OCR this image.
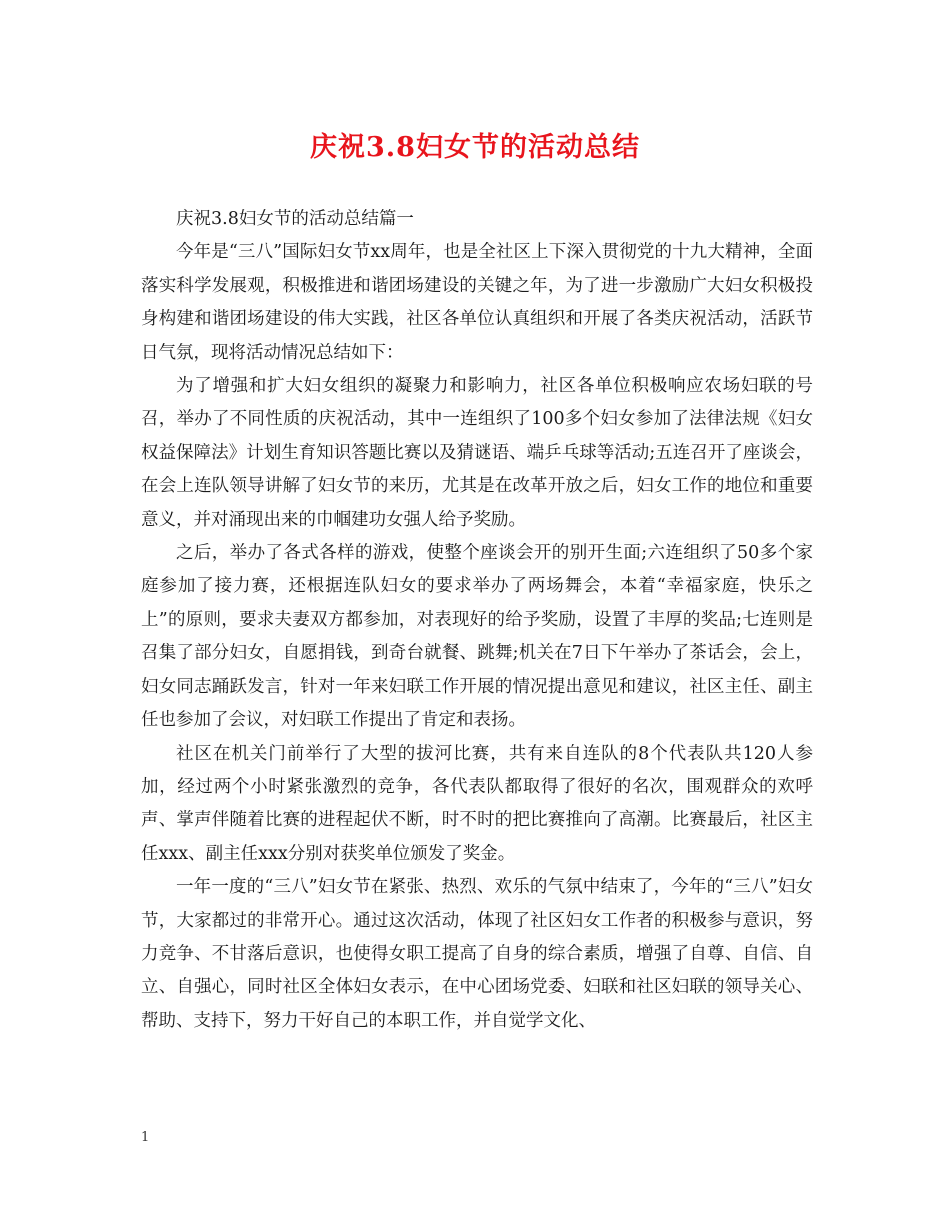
庆祝3.8妇女节的活动总结

庆祝3.8妇女节的活动总结篇一

今年是“三八”国际妇女节xx周年，也是全社区上下深入贯彻党的十九大精神，全面落实科学发展观，积极推进和谐团场建设的关键之年，为了进一步激励广大妇女积极投身构建和谐团场建设的伟大实践，社区各单位认真组织和开展了各类庆祝活动，活跃节日气氛，现将活动情况总结如下：

为了增强和扩大妇女组织的凝聚力和影响力，社区各单位积极响应农场妇联的号召，举办了不同性质的庆祝活动，其中一连组织了100多个妇女参加了法律法规《妇女权益保障法》计划生育知识答题比赛以及猜谜语、端乒乓球等活动;五连召开了座谈会，在会上连队领导讲解了妇女节的来历，尤其是在改革开放之后，妇女工作的地位和重要意义，并对涌现出来的巾帼建功女强人给予奖励。

之后，举办了各式各样的游戏，使整个座谈会开的别开生面;六连组织了50多个家庭参加了接力赛，还根据连队妇女的要求举办了两场舞会，本着“幸福家庭，快乐之上”的原则，要求夫妻双方都参加，对表现好的给予奖励，设置了丰厚的奖品;七连则是召集了部分妇女，自愿捐钱，到奇台就餐、跳舞;机关在7日下午举办了茶话会，会上，妇女同志踊跃发言，针对一年来妇联工作开展的情况提出意见和建议，社区主任、副主任也参加了会议，对妇联工作提出了肯定和表扬。

社区在机关门前举行了大型的拔河比赛，共有来自连队的8个代表队共120人参加，经过两个小时紧张激烈的竞争，各代表队都取得了很好的名次，围观群众的欢呼声、掌声伴随着比赛的进程起伏不断，时不时的把比赛推向了高潮。比赛最后，社区主任xxx、副主任xxx分别对获奖单位颁发了奖金。

一年一度的“三八”妇女节在紧张、热烈、欢乐的气氛中结束了，今年的“三八”妇女节，大家都过的非常开心。通过这次活动，体现了社区妇女工作者的积极参与意识，努力竞争、不甘落后意识，也使得女职工提高了自身的综合素质，增强了自尊、自信、自立、自强心，同时社区全体妇女表示，在中心团场党委、妇联和社区妇联的领导关心、帮助、支持下，努力干好自己的本职工作，并自觉学文化、

1
